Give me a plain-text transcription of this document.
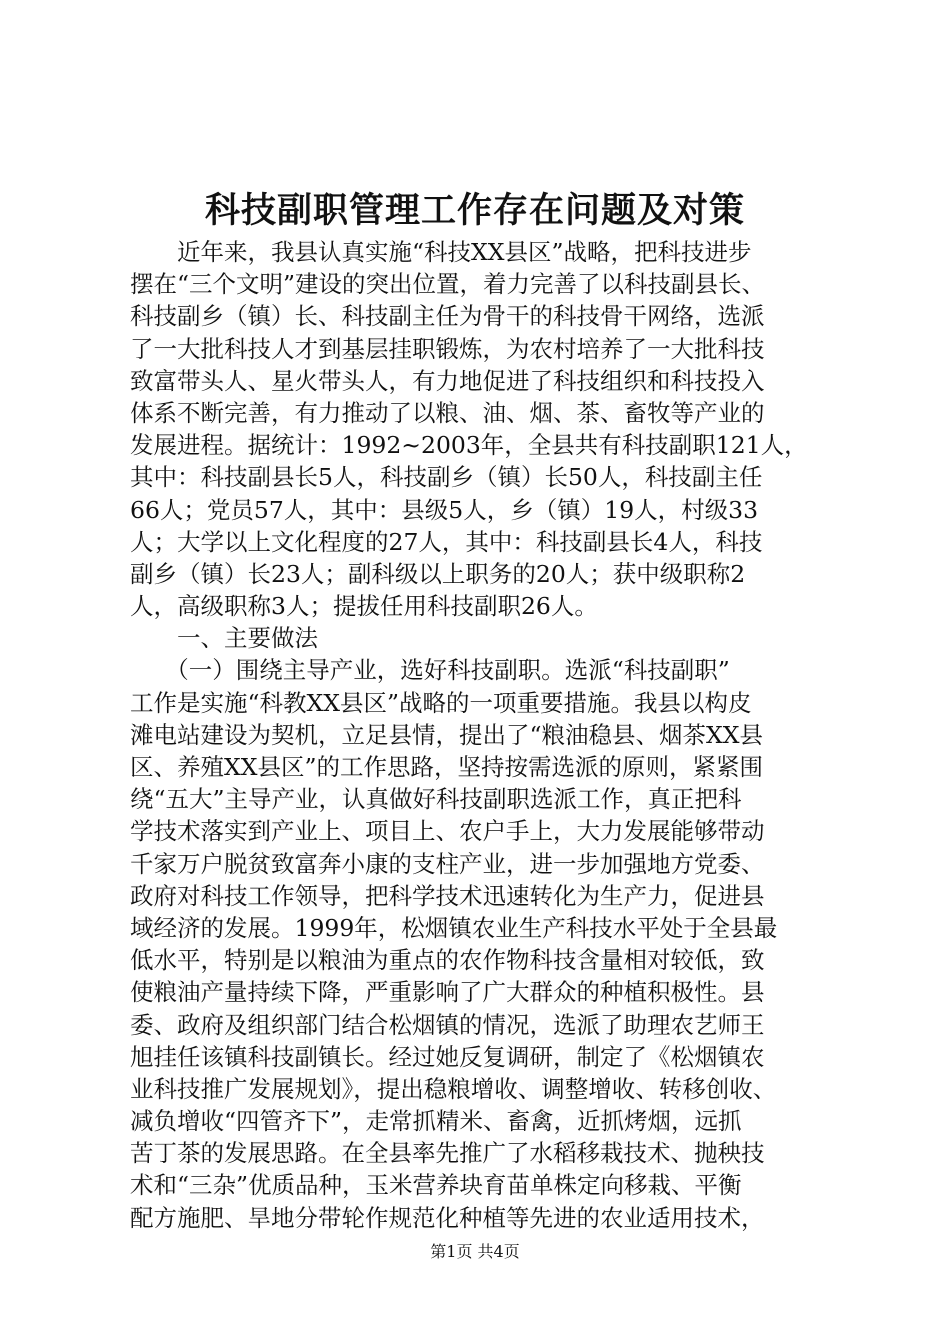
科技副职管理工作存在问题及对策
　　近年来，我县认真实施“科技XX县区”战略，把科技进步
摆在“三个文明”建设的突出位置，着力完善了以科技副县长、
科技副乡（镇）长、科技副主任为骨干的科技骨干网络，选派
了一大批科技人才到基层挂职锻炼，为农村培养了一大批科技
致富带头人、星火带头人，有力地促进了科技组织和科技投入
体系不断完善，有力推动了以粮、油、烟、茶、畜牧等产业的
发展进程。据统计：1992~2003年，全县共有科技副职121人，
其中：科技副县长5人，科技副乡（镇）长50人，科技副主任
66人；党员57人，其中：县级5人，乡（镇）19人，村级33
人；大学以上文化程度的27人，其中：科技副县长4人，科技
副乡（镇）长23人；副科级以上职务的20人；获中级职称2
人，高级职称3人；提拔任用科技副职26人。
　　一、主要做法
　　（一）围绕主导产业，选好科技副职。选派“科技副职”
工作是实施“科教XX县区”战略的一项重要措施。我县以构皮
滩电站建设为契机，立足县情，提出了“粮油稳县、烟茶XX县
区、养殖XX县区”的工作思路，坚持按需选派的原则，紧紧围
绕“五大”主导产业，认真做好科技副职选派工作，真正把科
学技术落实到产业上、项目上、农户手上，大力发展能够带动
千家万户脱贫致富奔小康的支柱产业，进一步加强地方党委、
政府对科技工作领导，把科学技术迅速转化为生产力，促进县
域经济的发展。1999年，松烟镇农业生产科技水平处于全县最
低水平，特别是以粮油为重点的农作物科技含量相对较低，致
使粮油产量持续下降，严重影响了广大群众的种植积极性。县
委、政府及组织部门结合松烟镇的情况，选派了助理农艺师王
旭挂任该镇科技副镇长。经过她反复调研，制定了《松烟镇农
业科技推广发展规划》，提出稳粮增收、调整增收、转移创收、
减负增收“四管齐下”，走常抓精米、畜禽，近抓烤烟，远抓
苦丁茶的发展思路。在全县率先推广了水稻移栽技术、抛秧技
术和“三杂”优质品种，玉米营养块育苗单株定向移栽、平衡
配方施肥、旱地分带轮作规范化种植等先进的农业适用技术，
第1页 共4页
